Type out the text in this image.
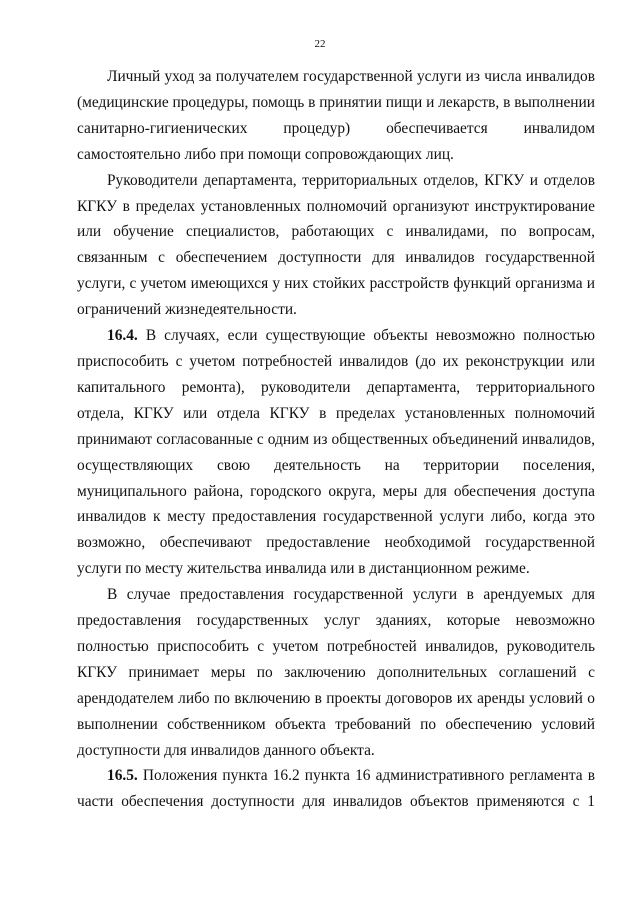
22

Личный уход за получателем государственной услуги из числа инвалидов (медицинские процедуры, помощь в принятии пищи и лекарств, в выполнении санитарно-гигиенических процедур) обеспечивается инвалидом самостоятельно либо при помощи сопровождающих лиц.

Руководители департамента, территориальных отделов, КГКУ и отделов КГКУ в пределах установленных полномочий организуют инструктирование или обучение специалистов, работающих с инвалидами, по вопросам, связанным с обеспечением доступности для инвалидов государственной услуги, с учетом имеющихся у них стойких расстройств функций организма и ограничений жизнедеятельности.

16.4. В случаях, если существующие объекты невозможно полностью приспособить с учетом потребностей инвалидов (до их реконструкции или капитального ремонта), руководители департамента, территориального отдела, КГКУ или отдела КГКУ в пределах установленных полномочий принимают согласованные с одним из общественных объединений инвалидов, осуществляющих свою деятельность на территории поселения, муниципального района, городского округа, меры для обеспечения доступа инвалидов к месту предоставления государственной услуги либо, когда это возможно, обеспечивают предоставление необходимой государственной услуги по месту жительства инвалида или в дистанционном режиме.

В случае предоставления государственной услуги в арендуемых для предоставления государственных услуг зданиях, которые невозможно полностью приспособить с учетом потребностей инвалидов, руководитель КГКУ принимает меры по заключению дополнительных соглашений с арендодателем либо по включению в проекты договоров их аренды условий о выполнении собственником объекта требований по обеспечению условий доступности для инвалидов данного объекта.

16.5. Положения пункта 16.2 пункта 16 административного регламента в части обеспечения доступности для инвалидов объектов применяются с 1
